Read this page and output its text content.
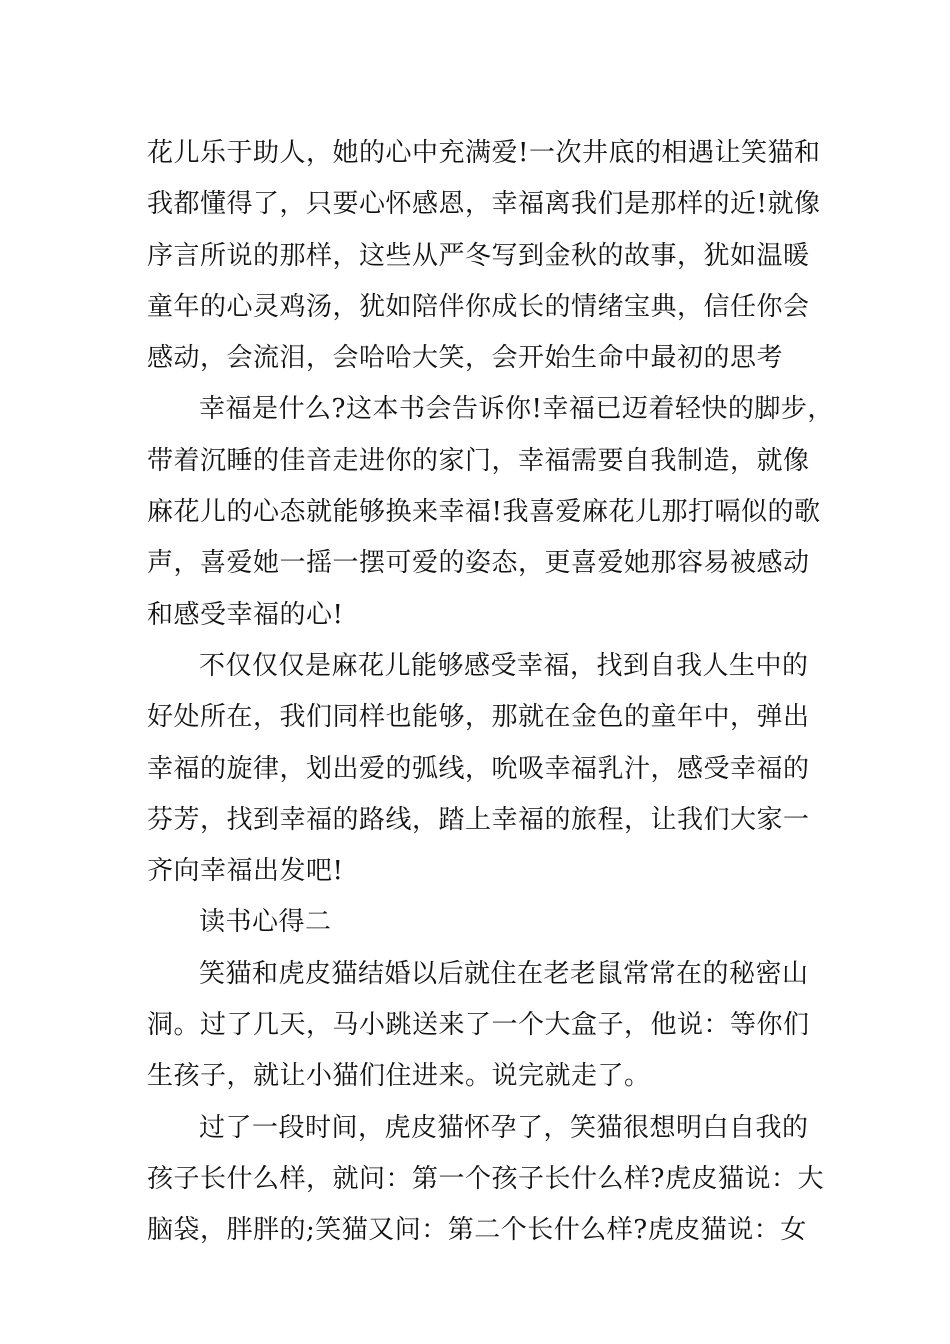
花儿乐于助人，她的心中充满爱!一次井底的相遇让笑猫和
我都懂得了，只要心怀感恩，幸福离我们是那样的近!就像
序言所说的那样，这些从严冬写到金秋的故事，犹如温暖
童年的心灵鸡汤，犹如陪伴你成长的情绪宝典，信任你会
感动，会流泪，会哈哈大笑，会开始生命中最初的思考
幸福是什么?这本书会告诉你!幸福已迈着轻快的脚步，
带着沉睡的佳音走进你的家门，幸福需要自我制造，就像
麻花儿的心态就能够换来幸福!我喜爱麻花儿那打嗝似的歌
声，喜爱她一摇一摆可爱的姿态，更喜爱她那容易被感动
和感受幸福的心!
不仅仅仅是麻花儿能够感受幸福，找到自我人生中的
好处所在，我们同样也能够，那就在金色的童年中，弹出
幸福的旋律，划出爱的弧线，吮吸幸福乳汁，感受幸福的
芬芳，找到幸福的路线，踏上幸福的旅程，让我们大家一
齐向幸福出发吧!
读书心得二
笑猫和虎皮猫结婚以后就住在老老鼠常常在的秘密山
洞。过了几天，马小跳送来了一个大盒子，他说：等你们
生孩子，就让小猫们住进来。说完就走了。
过了一段时间，虎皮猫怀孕了，笑猫很想明白自我的
孩子长什么样，就问：第一个孩子长什么样?虎皮猫说：大
脑袋，胖胖的;笑猫又问：第二个长什么样?虎皮猫说：女
